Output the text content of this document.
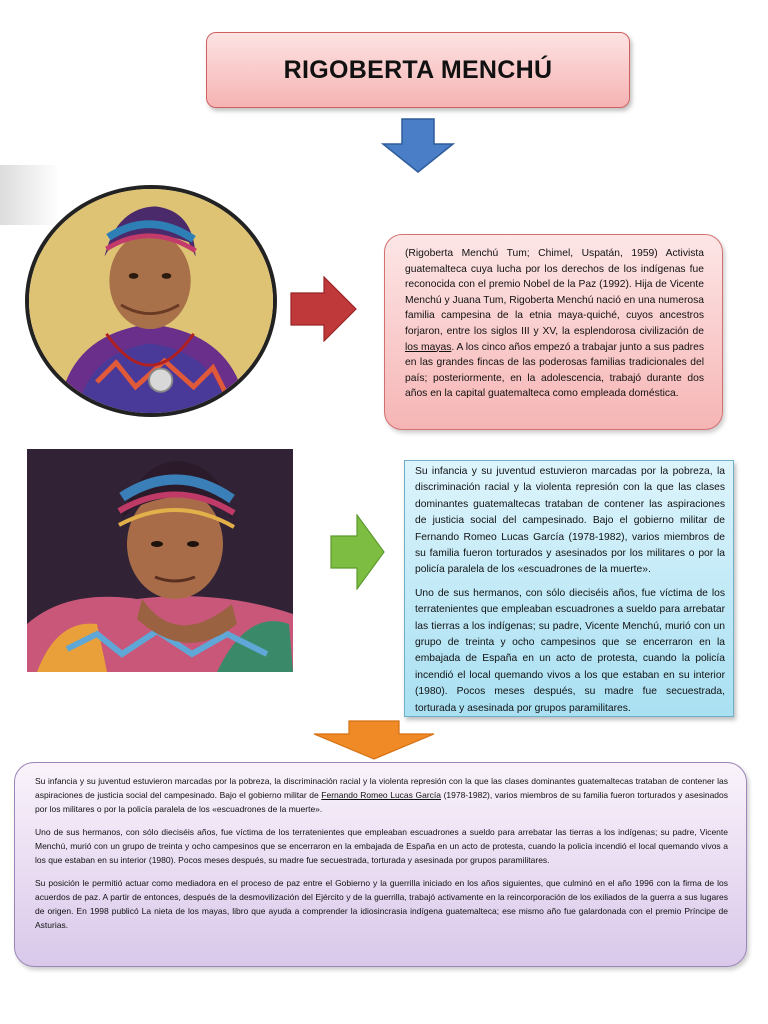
RIGOBERTA MENCHÚ
(Rigoberta Menchú Tum; Chimel, Uspatán, 1959) Activista guatemalteca cuya lucha por los derechos de los indígenas fue reconocida con el premio Nobel de la Paz (1992). Hija de Vicente Menchú y Juana Tum, Rigoberta Menchú nació en una numerosa familia campesina de la etnia maya-quiché, cuyos ancestros forjaron, entre los siglos III y XV, la esplendorosa civilización de los mayas. A los cinco años empezó a trabajar junto a sus padres en las grandes fincas de las poderosas familias tradicionales del país; posteriormente, en la adolescencia, trabajó durante dos años en la capital guatemalteca como empleada doméstica.

Su infancia y su juventud estuvieron marcadas por la pobreza, la discriminación racial y la violenta represión con la que las clases dominantes guatemaltecas trataban de contener las aspiraciones de justicia social del campesinado. Bajo el gobierno militar de Fernando Romeo Lucas García (1978-1982), varios miembros de su familia fueron torturados y asesinados por los militares o por la policía paralela de los «escuadrones de la muerte».

Uno de sus hermanos, con sólo dieciséis años, fue víctima de los terratenientes que empleaban escuadrones a sueldo para arrebatar las tierras a los indígenas; su padre, Vicente Menchú, murió con un grupo de treinta y ocho campesinos que se encerraron en la embajada de España en un acto de protesta, cuando la policía incendió el local quemando vivos a los que estaban en su interior (1980). Pocos meses después, su madre fue secuestrada, torturada y asesinada por grupos paramilitares.

Su infancia y su juventud estuvieron marcadas por la pobreza, la discriminación racial y la violenta represión con la que las clases dominantes guatemaltecas trataban de contener las aspiraciones de justicia social del campesinado. Bajo el gobierno militar de Fernando Romeo Lucas García (1978-1982), varios miembros de su familia fueron torturados y asesinados por los militares o por la policía paralela de los «escuadrones de la muerte».

Uno de sus hermanos, con sólo dieciséis años, fue víctima de los terratenientes que empleaban escuadrones a sueldo para arrebatar las tierras a los indígenas; su padre, Vicente Menchú, murió con un grupo de treinta y ocho campesinos que se encerraron en la embajada de España en un acto de protesta, cuando la policía incendió el local quemando vivos a los que estaban en su interior (1980). Pocos meses después, su madre fue secuestrada, torturada y asesinada por grupos paramilitares.

Su posición le permitió actuar como mediadora en el proceso de paz entre el Gobierno y la guerrilla iniciado en los años siguientes, que culminó en el año 1996 con la firma de los acuerdos de paz. A partir de entonces, después de la desmovilización del Ejército y de la guerrilla, trabajó activamente en la reincorporación de los exiliados de la guerra a sus lugares de origen. En 1998 publicó La nieta de los mayas, libro que ayuda a comprender la idiosincrasia indígena guatemalteca; ese mismo año fue galardonada con el premio Príncipe de Asturias.
